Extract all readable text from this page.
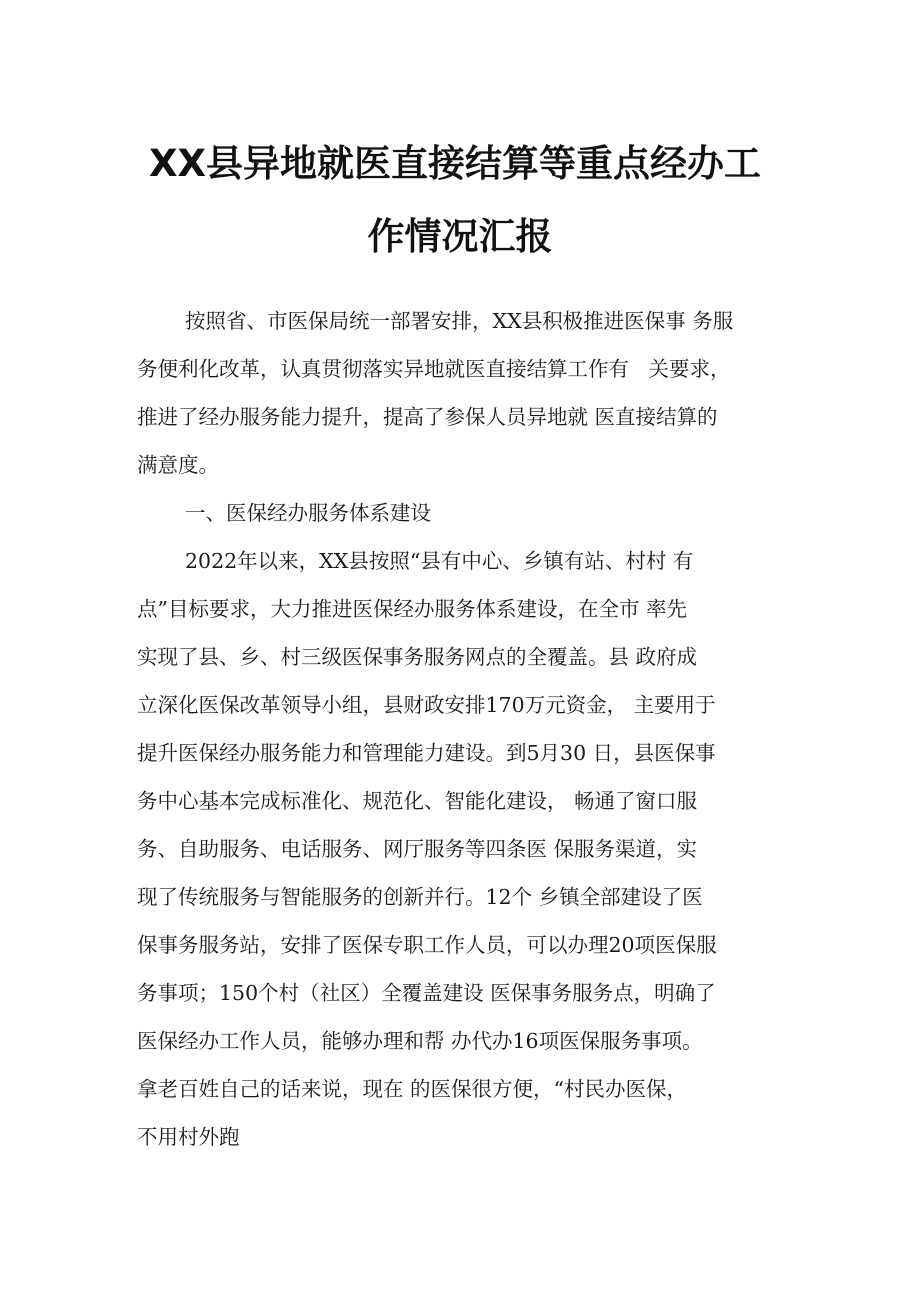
XX县异地就医直接结算等重点经办工
作情况汇报
按照省、市医保局统一部署安排，XX县积极推进医保事 务服
务便利化改革，认真贯彻落实异地就医直接结算工作有   关要求，
推进了经办服务能力提升，提高了参保人员异地就 医直接结算的
满意度。
一、医保经办服务体系建设
2022年以来，XX县按照“县有中心、乡镇有站、村村 有
点”目标要求，大力推进医保经办服务体系建设，在全市 率先
实现了县、乡、村三级医保事务服务网点的全覆盖。县 政府成
立深化医保改革领导小组，县财政安排170万元资金， 主要用于
提升医保经办服务能力和管理能力建设。到5月30 日，县医保事
务中心基本完成标准化、规范化、智能化建设， 畅通了窗口服
务、自助服务、电话服务、网厅服务等四条医 保服务渠道，实
现了传统服务与智能服务的创新并行。12个 乡镇全部建设了医
保事务服务站，安排了医保专职工作人员，可以办理20项医保服
务事项；150个村（社区）全覆盖建设 医保事务服务点，明确了
医保经办工作人员，能够办理和帮 办代办16项医保服务事项。
拿老百姓自己的话来说，现在 的医保很方便，“村民办医保，
不用村外跑
